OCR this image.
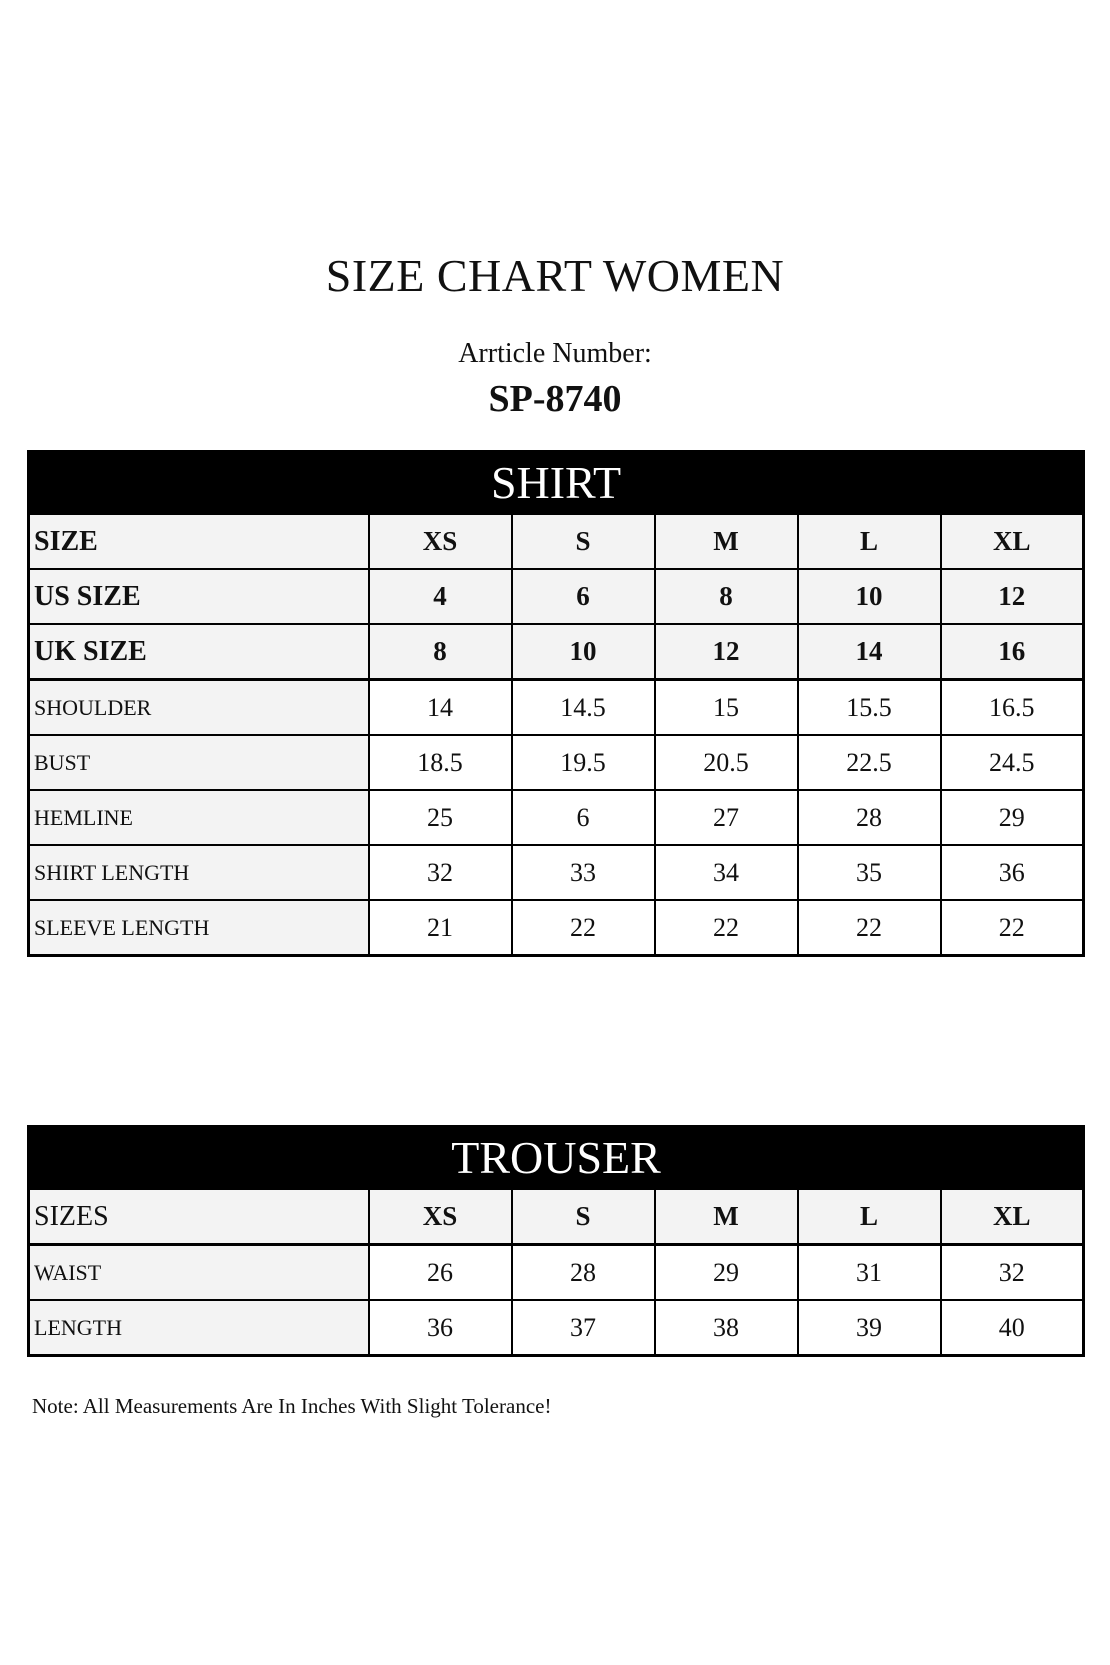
SIZE CHART WOMEN
Arrticle Number:
SP-8740
SHIRT					
SIZE	XS	S	M	L	XL
US SIZE	4	6	8	10	12
UK SIZE	8	10	12	14	16
SHOULDER	14	14.5	15	15.5	16.5
BUST	18.5	19.5	20.5	22.5	24.5
HEMLINE	25	6	27	28	29
SHIRT LENGTH	32	33	34	35	36
SLEEVE LENGTH	21	22	22	22	22
TROUSER					
SIZES	XS	S	M	L	XL
WAIST	26	28	29	31	32
LENGTH	36	37	38	39	40
Note: All Measurements Are In Inches With Slight Tolerance!
